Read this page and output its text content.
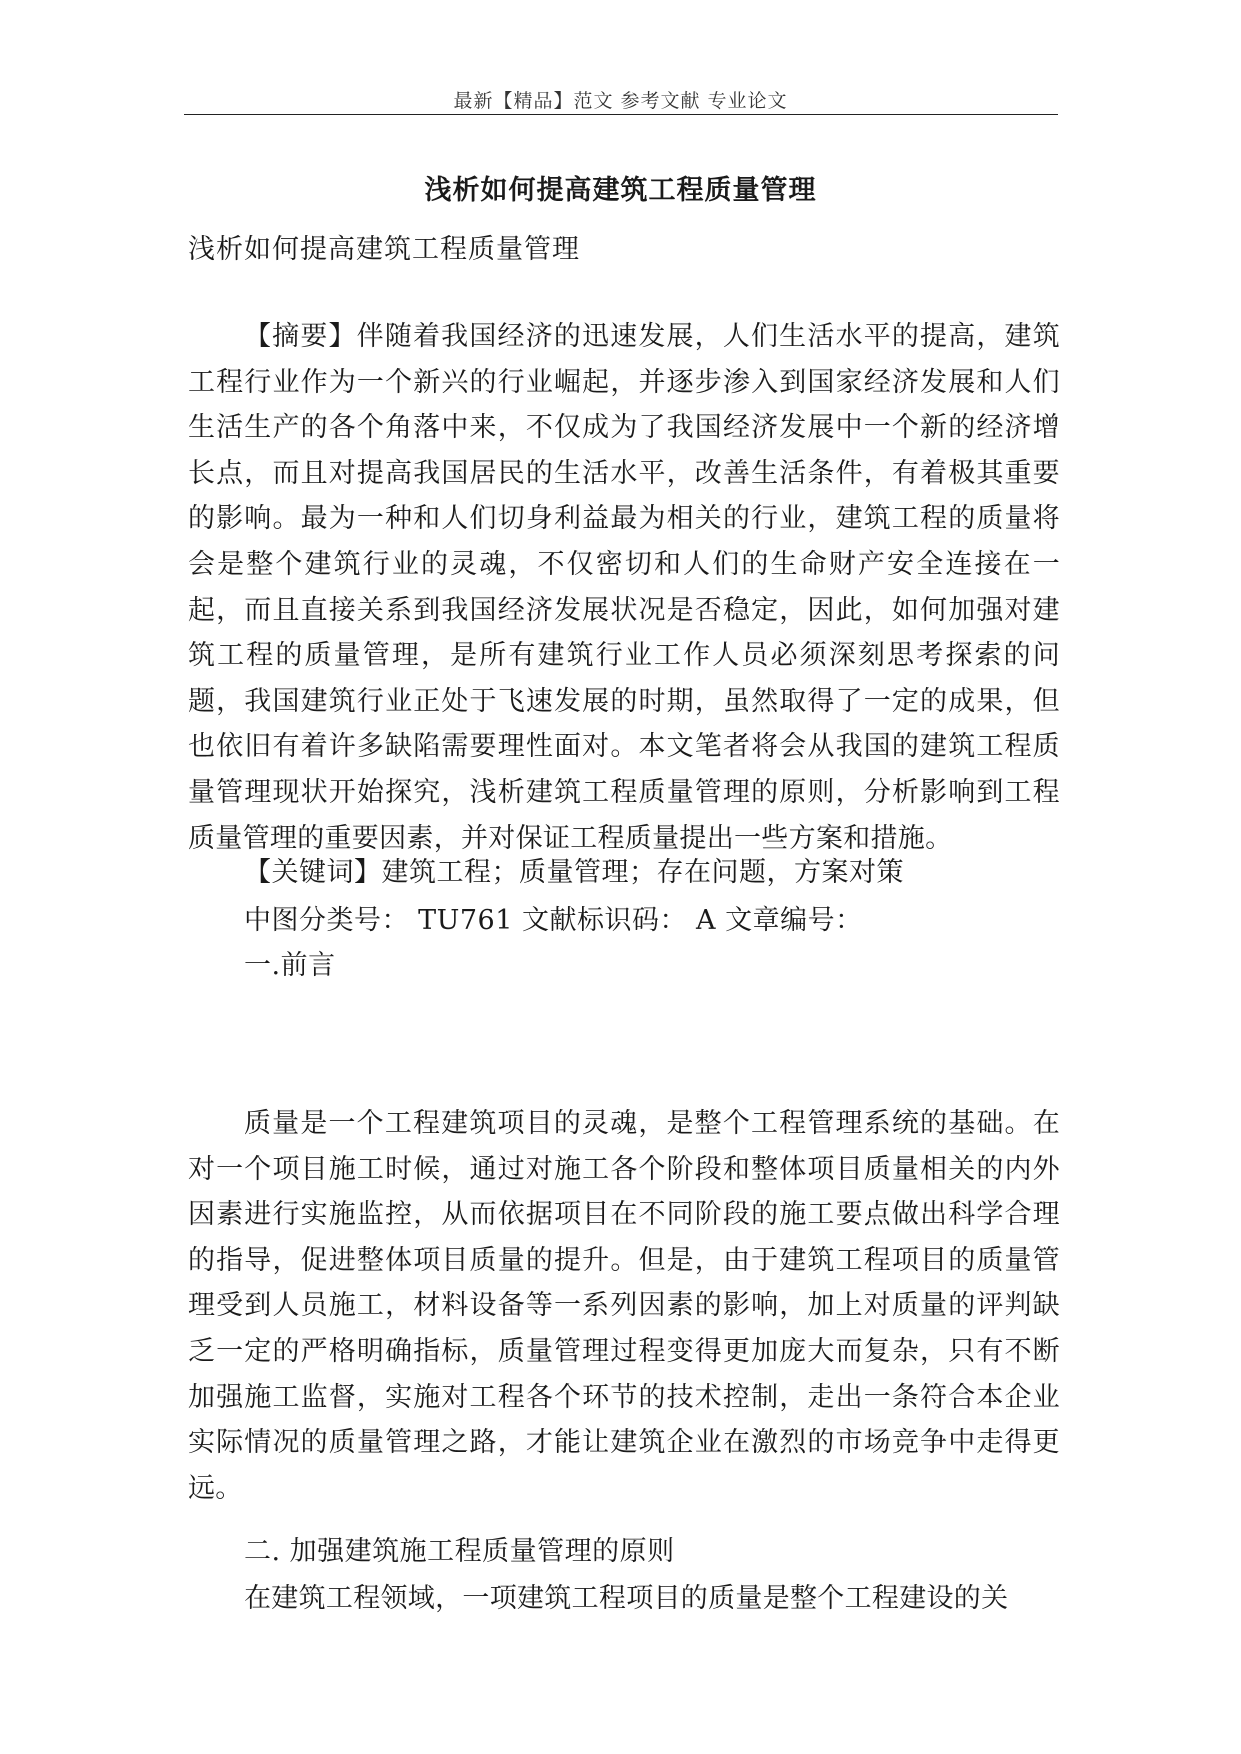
最新【精品】范文 参考文献 专业论文
浅析如何提高建筑工程质量管理
浅析如何提高建筑工程质量管理
【摘要】伴随着我国经济的迅速发展，人们生活水平的提高，建筑工程行业作为一个新兴的行业崛起，并逐步渗入到国家经济发展和人们生活生产的各个角落中来，不仅成为了我国经济发展中一个新的经济增长点，而且对提高我国居民的生活水平，改善生活条件，有着极其重要的影响。最为一种和人们切身利益最为相关的行业，建筑工程的质量将会是整个建筑行业的灵魂，不仅密切和人们的生命财产安全连接在一起，而且直接关系到我国经济发展状况是否稳定，因此，如何加强对建筑工程的质量管理，是所有建筑行业工作人员必须深刻思考探索的问题，我国建筑行业正处于飞速发展的时期，虽然取得了一定的成果，但也依旧有着许多缺陷需要理性面对。本文笔者将会从我国的建筑工程质量管理现状开始探究，浅析建筑工程质量管理的原则，分析影响到工程质量管理的重要因素，并对保证工程质量提出一些方案和措施。
【关键词】建筑工程；质量管理；存在问题，方案对策
中图分类号： TU761 文献标识码： A 文章编号：
一.前言
质量是一个工程建筑项目的灵魂，是整个工程管理系统的基础。在对一个项目施工时候，通过对施工各个阶段和整体项目质量相关的内外因素进行实施监控，从而依据项目在不同阶段的施工要点做出科学合理的指导，促进整体项目质量的提升。但是，由于建筑工程项目的质量管理受到人员施工，材料设备等一系列因素的影响，加上对质量的评判缺乏一定的严格明确指标，质量管理过程变得更加庞大而复杂，只有不断加强施工监督，实施对工程各个环节的技术控制，走出一条符合本企业实际情况的质量管理之路，才能让建筑企业在激烈的市场竞争中走得更远。
二. 加强建筑施工程质量管理的原则
在建筑工程领域，一项建筑工程项目的质量是整个工程建设的关
